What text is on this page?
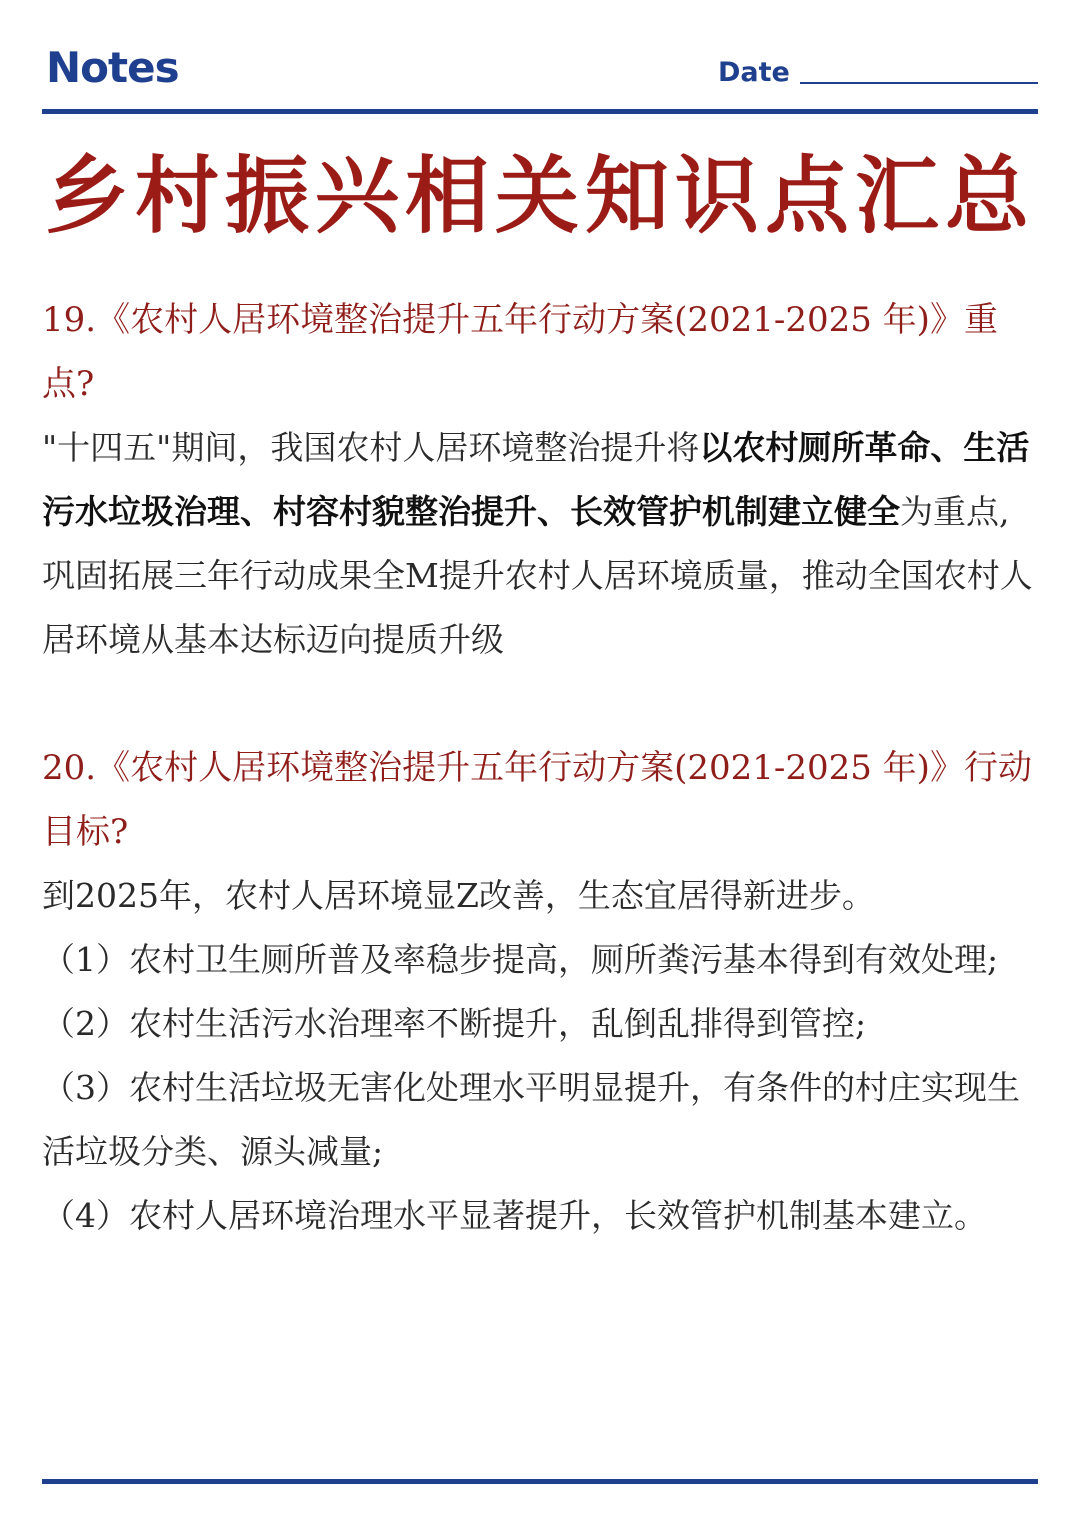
Notes	Date
乡村振兴相关知识点汇总
19.《农村人居环境整治提升五年行动方案(2021-2025 年)》重点?
"十四五"期间，我国农村人居环境整治提升将以农村厕所革命、生活污水垃圾治理、村容村貌整治提升、长效管护机制建立健全为重点,巩固拓展三年行动成果全M提升农村人居环境质量，推动全国农村人居环境从基本达标迈向提质升级
20.《农村人居环境整治提升五年行动方案(2021-2025 年)》行动目标?
到2025年，农村人居环境显Z改善，生态宜居得新进步。
（1）农村卫生厕所普及率稳步提高，厕所粪污基本得到有效处理;
（2）农村生活污水治理率不断提升，乱倒乱排得到管控;
（3）农村生活垃圾无害化处理水平明显提升，有条件的村庄实现生活垃圾分类、源头减量;
（4）农村人居环境治理水平显著提升，长效管护机制基本建立。
